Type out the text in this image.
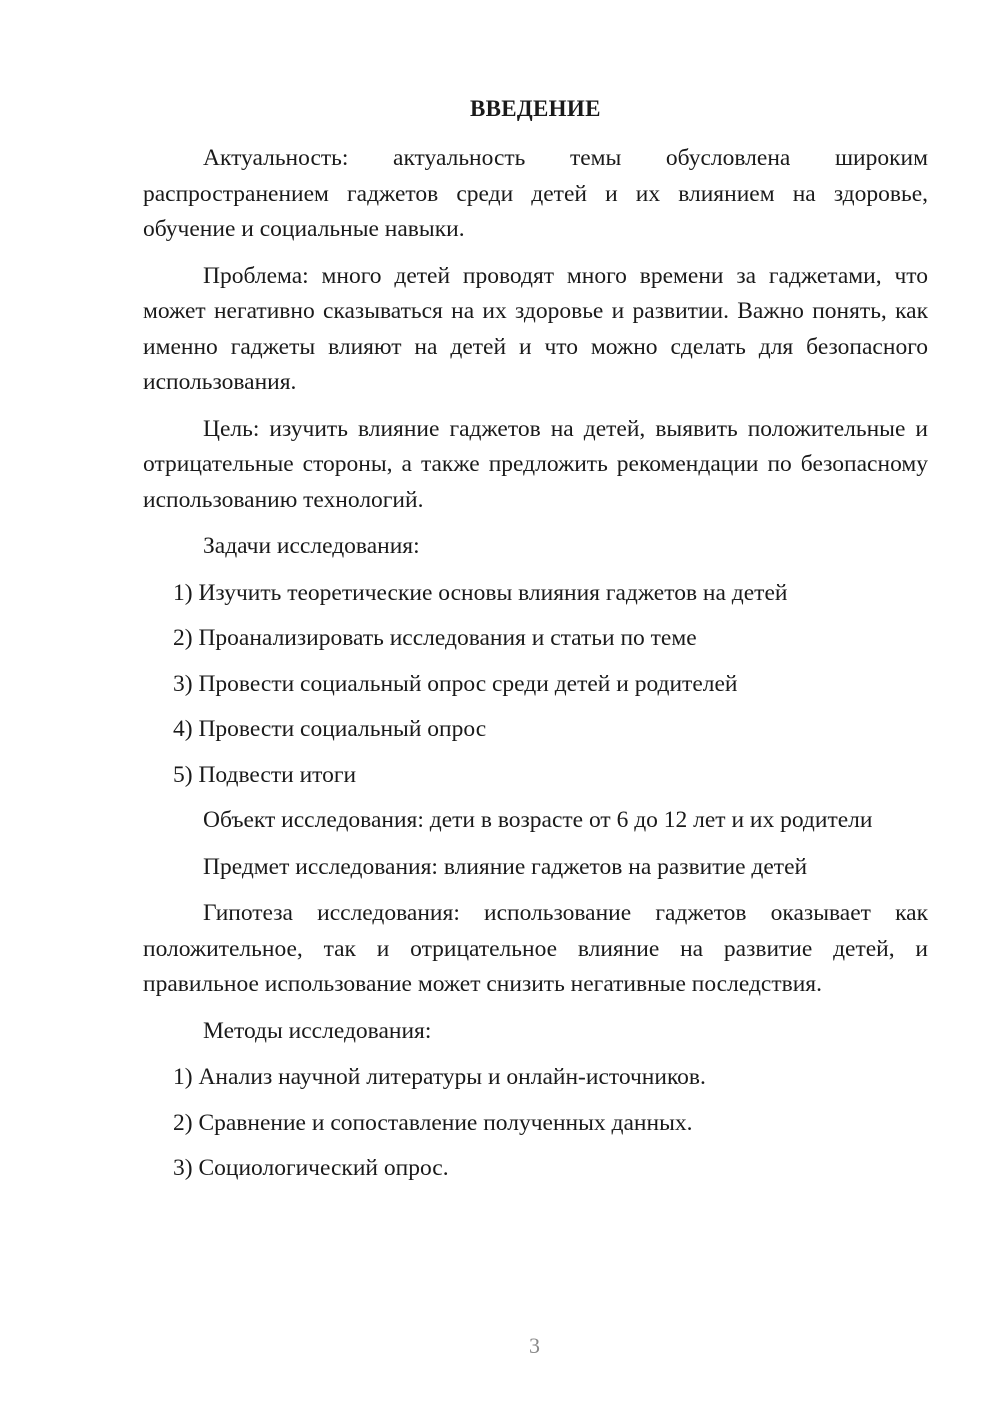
ВВЕДЕНИЕ

Актуальность: актуальность темы обусловлена широким распространением гаджетов среди детей и их влиянием на здоровье, обучение и социальные навыки.

Проблема: много детей проводят много времени за гаджетами, что может негативно сказываться на их здоровье и развитии. Важно понять, как именно гаджеты влияют на детей и что можно сделать для безопасного использования.

Цель: изучить влияние гаджетов на детей, выявить положительные и отрицательные стороны, а также предложить рекомендации по безопасному использованию технологий.

Задачи исследования:

1) Изучить теоретические основы влияния гаджетов на детей
2) Проанализировать исследования и статьи по теме
3) Провести социальный опрос среди детей и родителей
4) Провести социальный опрос
5) Подвести итоги

Объект исследования: дети в возрасте от 6 до 12 лет и их родители

Предмет исследования: влияние гаджетов на развитие детей

Гипотеза исследования: использование гаджетов оказывает как положительное, так и отрицательное влияние на развитие детей, и правильное использование может снизить негативные последствия.

Методы исследования:

1) Анализ научной литературы и онлайн-источников.
2) Сравнение и сопоставление полученных данных.
3) Социологический опрос.
3
